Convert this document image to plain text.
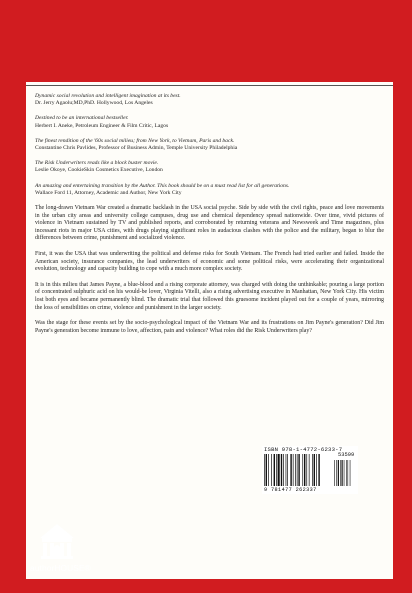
Dynamic social revolution and intelligent imagination at its best.
Dr. Jerry Agaolu;MD,PhD. Hollywood, Los Angeles
Destined to be an international bestseller.
Herbert I. Aneke, Petroleum Engineer & Film Critic, Lagos
The finest rendition of the '60s social milieu; from New York, to Vietnam, Paris and back.
Constantine Chris Pavlides, Professor of Business Admin, Temple University Philadelphia
The Risk Underwriters reads like a block buster movie.
Leslie Okoye, CookieSkin Cosmetics Executive, London
An amazing and entertaining transition by the Author. This book should be on a must read list for all generations.
Wallace Ford 11, Attorney, Academic and Author, New York City

The long-drawn Vietnam War created a dramatic backlash in the USA social psyche. Side by side with the civil rights, peace and love movements in the urban city areas and university college campuses, drug use and chemical dependency spread nationwide. Over time, vivid pictures of violence in Vietnam sustained by TV and published reports, and corroborated by returning veterans and Newsweek and Time magazines, plus incessant riots in major USA cities, with drugs playing significant roles in audacious clashes with the police and the military, began to blur the differences between crime, punishment and socialized violence.

First, it was the USA that was underwriting the political and defense risks for South Vietnam. The French had tried earlier and failed. Inside the American society, insurance companies, the lead underwriters of economic and some political risks, were accelerating their organizational evolution, technology and capacity building to cope with a much more complex society.

It is in this milieu that James Payne, a blue-blood and a rising corporate attorney, was charged with doing the unthinkable; pouring a large portion of concentrated sulphuric acid on his would-be lover, Virginia Vitelli, also a rising advertising executive in Manhattan, New York City. His victim lost both eyes and became permanently blind. The dramatic trial that followed this gruesome incident played out for a couple of years, mirroring the loss of sensibilities on crime, violence and punishment in the larger society.

Was the stage for these events set by the socio-psychological impact of the Vietnam War and its frustrations on Jim Payne's generation? Did Jim Payne's generation become immune to love, affection, pain and violence? What roles did the Risk Underwriters play?

ISBN 978-1-4772-6233-7
53599
9 781477 262337
authorHOUSE®
